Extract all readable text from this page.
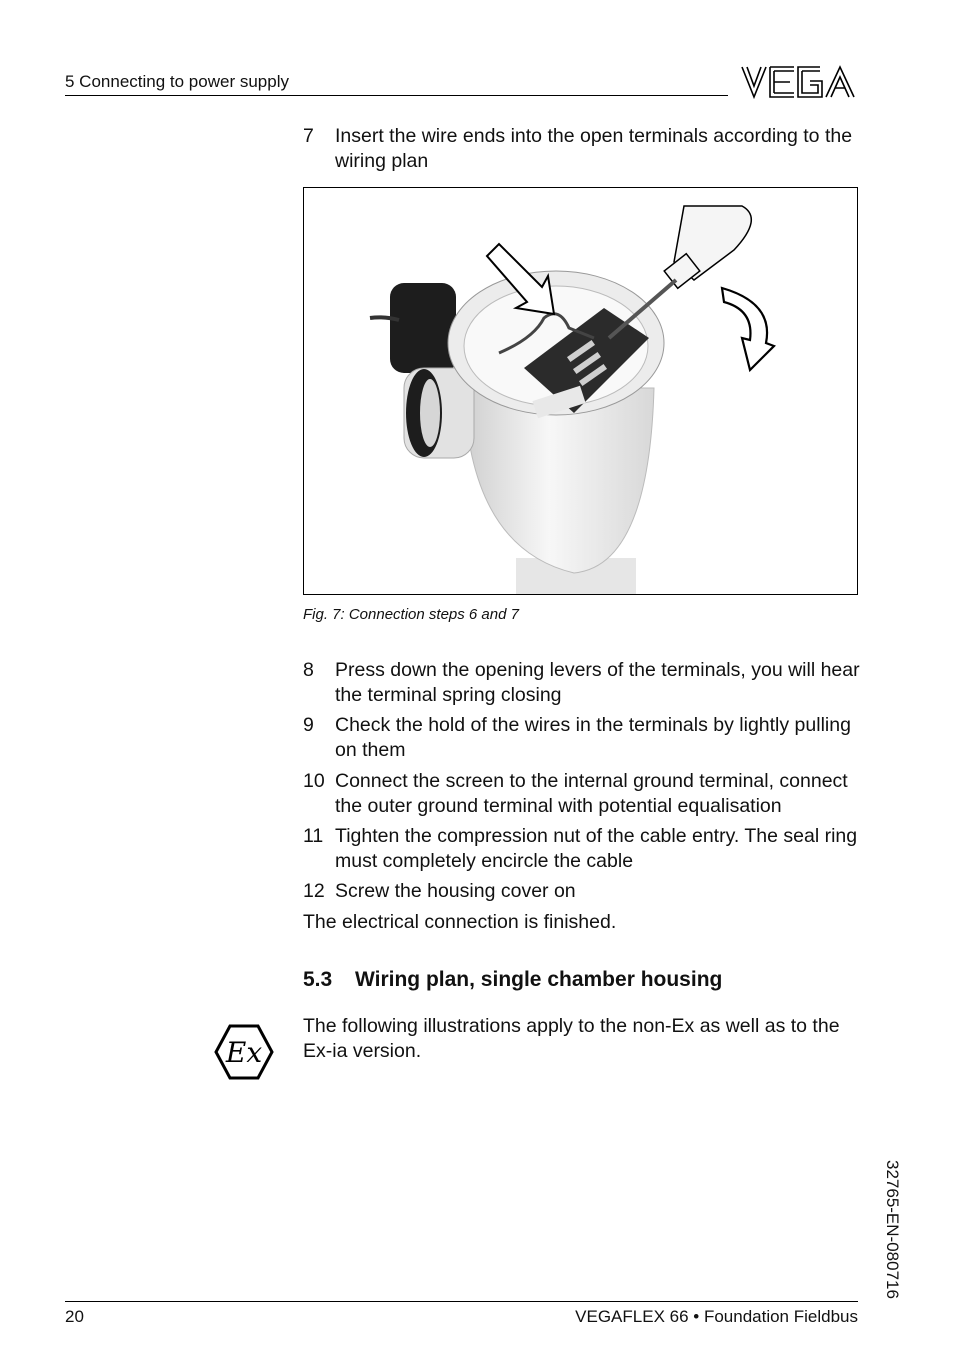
5 Connecting to power supply
VEGA
7 Insert the wire ends into the open terminals according to the wiring plan
Fig. 7: Connection steps 6 and 7
8 Press down the opening levers of the terminals, you will hear the terminal spring closing
9 Check the hold of the wires in the terminals by lightly pulling on them
10 Connect the screen to the internal ground terminal, connect the outer ground terminal with potential equalisation
11 Tighten the compression nut of the cable entry. The seal ring must completely encircle the cable
12 Screw the housing cover on
The electrical connection is finished.
5.3 Wiring plan, single chamber housing
Ex
The following illustrations apply to the non-Ex as well as to the Ex-ia version.
32765-EN-080716
20	VEGAFLEX 66 • Foundation Fieldbus
